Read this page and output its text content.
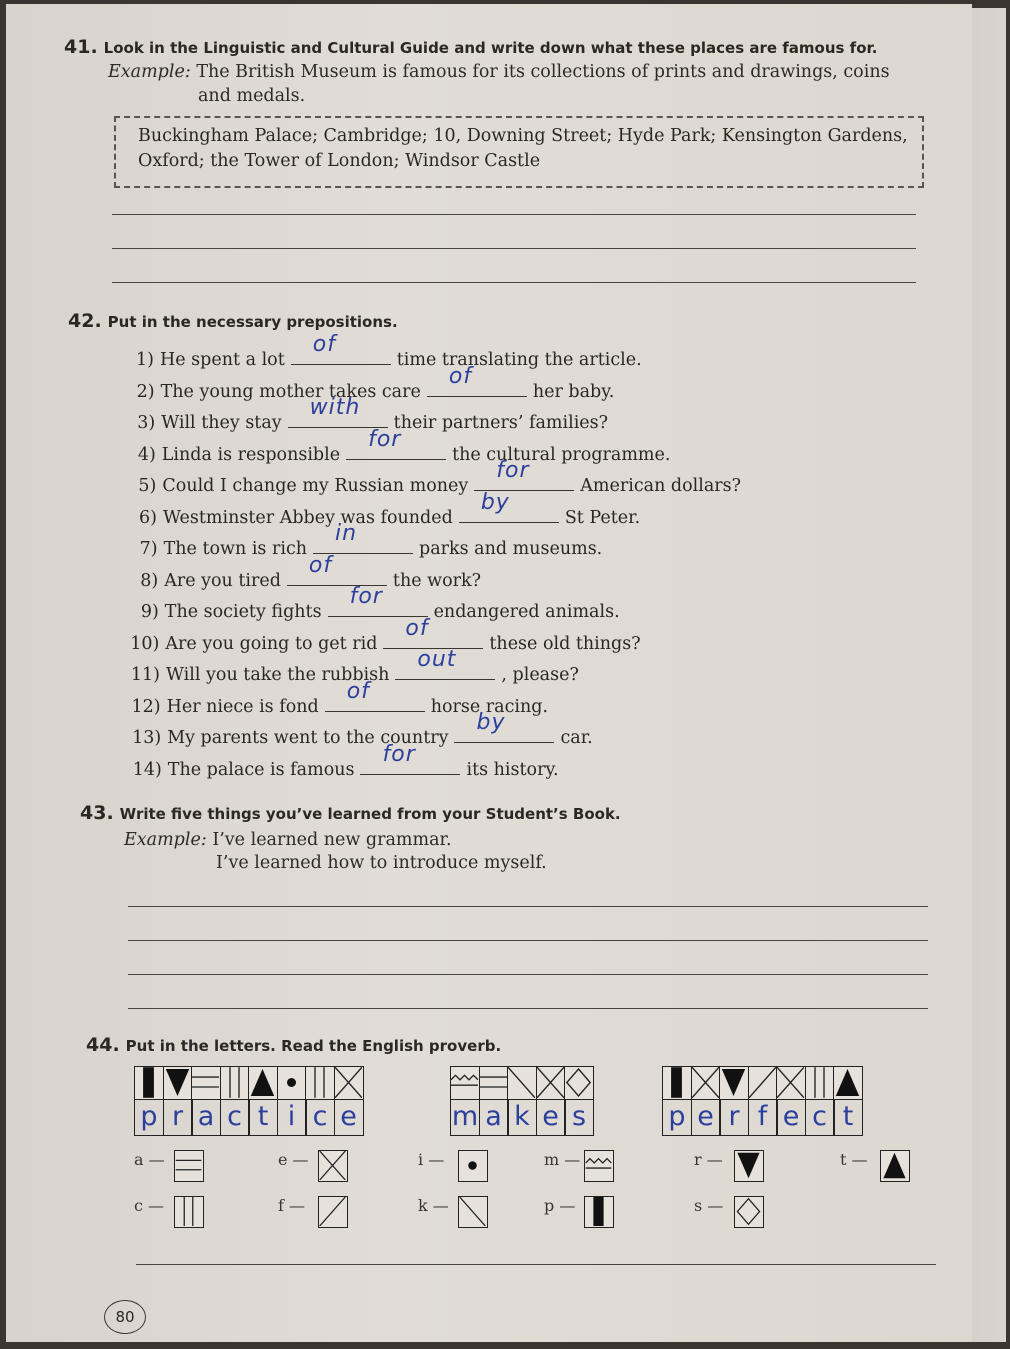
41. Look in the Linguistic and Cultural Guide and write down what these places are famous for.
Example: The British Museum is famous for its collections of prints and drawings, coins
and medals.
Buckingham Palace; Cambridge; 10, Downing Street; Hyde Park; Kensington Gardens,
Oxford; the Tower of London; Windsor Castle
42. Put in the necessary prepositions.
1) He spent a lot
of
time translating the article.
2) The young mother takes care
of
her baby.
3) Will they stay
with
their partners’ families?
4) Linda is responsible
for
the cultural programme.
5) Could I change my Russian money
for
American dollars?
6) Westminster Abbey was founded
by
St Peter.
7) The town is rich
in
parks and museums.
8) Are you tired
of
the work?
9) The society fights
for
endangered animals.
10) Are you going to get rid
of
these old things?
11) Will you take the rubbish
out
, please?
12) Her niece is fond
of
horse racing.
13) My parents went to the country
by
car.
14) The palace is famous
for
its history.
43. Write five things you’ve learned from your Student’s Book.
Example: I’ve learned new grammar.
I’ve learned how to introduce myself.
44. Put in the letters. Read the English proverb.
p r a c t i c e	m a k e s	p e r f e c t
a —	e —	i —	m —	r —	t —
c —	f —	k —	p —	s —
80
